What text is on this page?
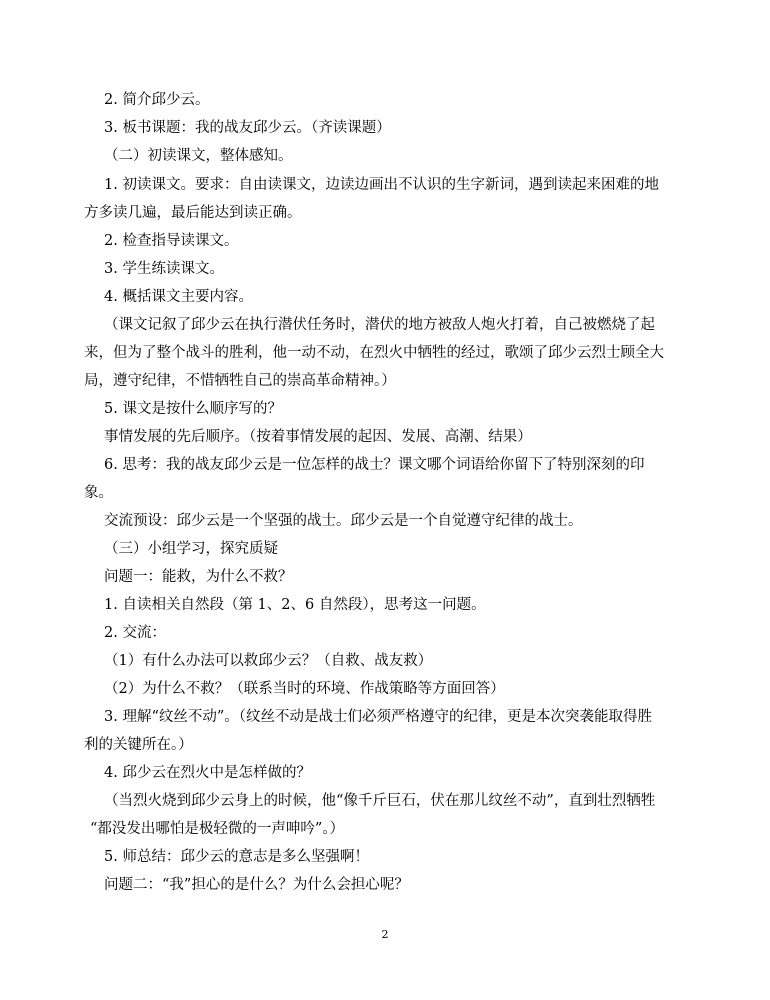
2. 简介邱少云。
3. 板书课题：我的战友邱少云。（齐读课题）
（二）初读课文，整体感知。
1. 初读课文。要求：自由读课文，边读边画出不认识的生字新词，遇到读起来困难的地
方多读几遍，最后能达到读正确。
2. 检查指导读课文。
3. 学生练读课文。
4. 概括课文主要内容。
（课文记叙了邱少云在执行潜伏任务时，潜伏的地方被敌人炮火打着，自己被燃烧了起
来，但为了整个战斗的胜利，他一动不动，在烈火中牺牲的经过，歌颂了邱少云烈士顾全大
局，遵守纪律，不惜牺牲自己的崇高革命精神。）
5. 课文是按什么顺序写的？
事情发展的先后顺序。（按着事情发展的起因、发展、高潮、结果）
6. 思考：我的战友邱少云是一位怎样的战士？课文哪个词语给你留下了特别深刻的印
象。
交流预设：邱少云是一个坚强的战士。邱少云是一个自觉遵守纪律的战士。
（三）小组学习，探究质疑
问题一：能救，为什么不救？
1. 自读相关自然段（第 1、2、6 自然段），思考这一问题。
2. 交流：
（1）有什么办法可以救邱少云？（自救、战友救）
（2）为什么不救？（联系当时的环境、作战策略等方面回答）
3. 理解“纹丝不动”。（纹丝不动是战士们必须严格遵守的纪律，更是本次突袭能取得胜
利的关键所在。）
4. 邱少云在烈火中是怎样做的？
（当烈火烧到邱少云身上的时候，他“像千斤巨石，伏在那儿纹丝不动”，直到壮烈牺牲
“都没发出哪怕是极轻微的一声呻吟”。）
5. 师总结：邱少云的意志是多么坚强啊！
问题二：“我”担心的是什么？为什么会担心呢？
2
